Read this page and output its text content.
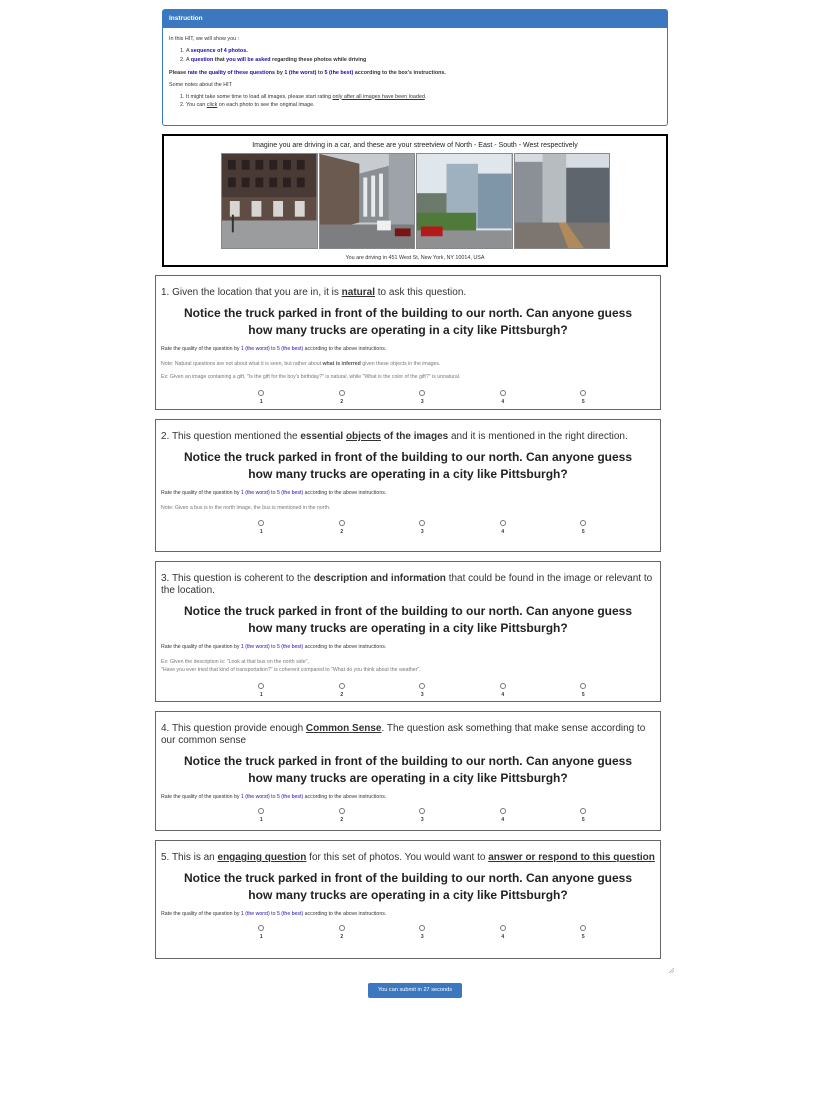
Instruction

In this HIT, we will show you :

1. A sequence of 4 photos.
2. A question that you will be asked regarding these photos while driving

Please rate the quality of these questions by 1 (the worst) to 5 (the best) according to the box's instructions.

Some notes about the HIT

1. It might take some time to load all images, please start rating only after all images have been loaded.
2. You can click on each photo to see the original image.
Imagine you are driving in a car, and these are your streetview of North - East - South - West respectively
You are driving in 451 West St, New York, NY 10014, USA
1. Given the location that you are in, it is natural to ask this question.
Notice the truck parked in front of the building to our north. Can anyone guess how many trucks are operating in a city like Pittsburgh?
Rate the quality of the question by 1 (the worst) to 5 (the best) according to the above instructions.
Note: Natural questions are not about what it is seen, but rather about what is inferred given these objects in the images.
Ex: Given an image containing a gift, "Is the gift for the boy's birthday?" is natural, while "What is the color of the gift?" is unnatural.
1	2	3	4	5
2. This question mentioned the essential objects of the images and it is mentioned in the right direction.
Notice the truck parked in front of the building to our north. Can anyone guess how many trucks are operating in a city like Pittsburgh?
Rate the quality of the question by 1 (the worst) to 5 (the best) according to the above instructions.
Note: Given a bus is in the north image, the bus is mentioned in the north.
1	2	3	4	5
3. This question is coherent to the description and information that could be found in the image or relevant to the location.
Notice the truck parked in front of the building to our north. Can anyone guess how many trucks are operating in a city like Pittsburgh?
Rate the quality of the question by 1 (the worst) to 5 (the best) according to the above instructions.
Ex: Given the description is: "Look at that bus on the north side",
"Have you ever tried that kind of transportation?" is coherent compared to "What do you think about the weather".
1	2	3	4	5
4. This question provide enough Common Sense. The question ask something that make sense according to our common sense
Notice the truck parked in front of the building to our north. Can anyone guess how many trucks are operating in a city like Pittsburgh?
Rate the quality of the question by 1 (the worst) to 5 (the best) according to the above instructions.
1	2	3	4	5
5. This is an engaging question for this set of photos. You would want to answer or respond to this question
Notice the truck parked in front of the building to our north. Can anyone guess how many trucks are operating in a city like Pittsburgh?
Rate the quality of the question by 1 (the worst) to 5 (the best) according to the above instructions.
1	2	3	4	5
You can submit in 27 seconds
